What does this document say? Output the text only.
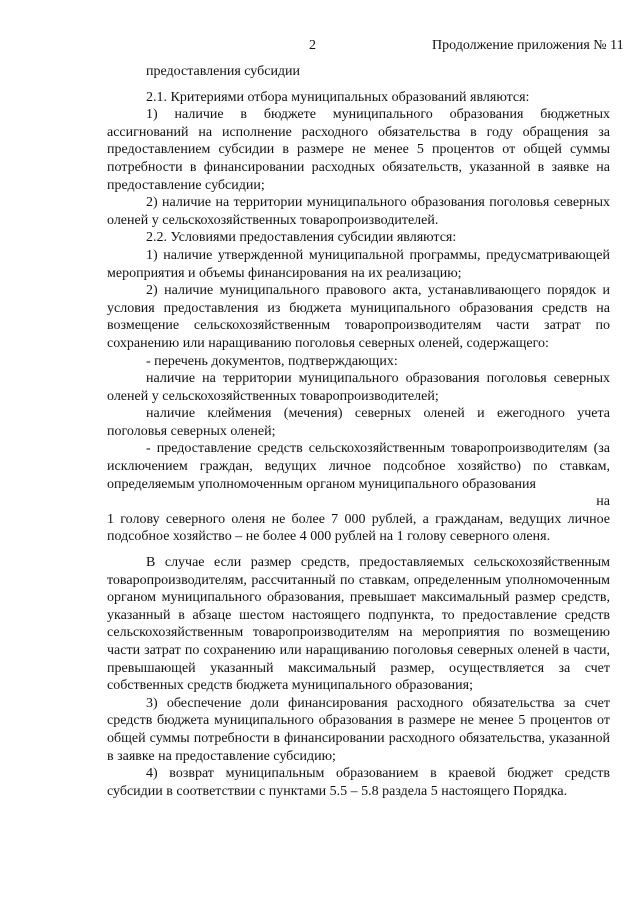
2	Продолжение приложения № 11

предоставления субсидии

2.1. Критериями отбора муниципальных образований являются:

1) наличие в бюджете муниципального образования бюджетных ассигнований на исполнение расходного обязательства в году обращения за предоставлением субсидии в размере не менее 5 процентов от общей суммы потребности в финансировании расходных обязательств, указанной в заявке на предоставление субсидии;

2) наличие на территории муниципального образования поголовья северных оленей у сельскохозяйственных товаропроизводителей.

2.2. Условиями предоставления субсидии являются:

1) наличие утвержденной муниципальной программы, предусматривающей мероприятия и объемы финансирования на их реализацию;

2) наличие муниципального правового акта, устанавливающего порядок и условия предоставления из бюджета муниципального образования средств на возмещение сельскохозяйственным товаропроизводителям части затрат по сохранению или наращиванию поголовья северных оленей, содержащего:

- перечень документов, подтверждающих:

наличие на территории муниципального образования поголовья северных оленей у сельскохозяйственных товаропроизводителей;

наличие клеймения (мечения) северных оленей и ежегодного учета поголовья северных оленей;

- предоставление средств сельскохозяйственным товаропроизводителям (за исключением граждан, ведущих личное подсобное хозяйство) по ставкам, определяемым уполномоченным органом муниципального образования

на

1 голову северного оленя не более 7 000 рублей, а гражданам, ведущих личное подсобное хозяйство – не более 4 000 рублей на 1 голову северного оленя.

В случае если размер средств, предоставляемых сельскохозяйственным товаропроизводителям, рассчитанный по ставкам, определенным уполномоченным органом муниципального образования, превышает максимальный размер средств, указанный в абзаце шестом настоящего подпункта, то предоставление средств сельскохозяйственным товаропроизводителям на мероприятия по возмещению части затрат по сохранению или наращиванию поголовья северных оленей в части, превышающей указанный максимальный размер, осуществляется за счет собственных средств бюджета муниципального образования;

3) обеспечение доли финансирования расходного обязательства за счет средств бюджета муниципального образования в размере не менее 5 процентов от общей суммы потребности в финансировании расходного обязательства, указанной в заявке на предоставление субсидию;

4) возврат муниципальным образованием в краевой бюджет средств субсидии в соответствии с пунктами 5.5 – 5.8 раздела 5 настоящего Порядка.
